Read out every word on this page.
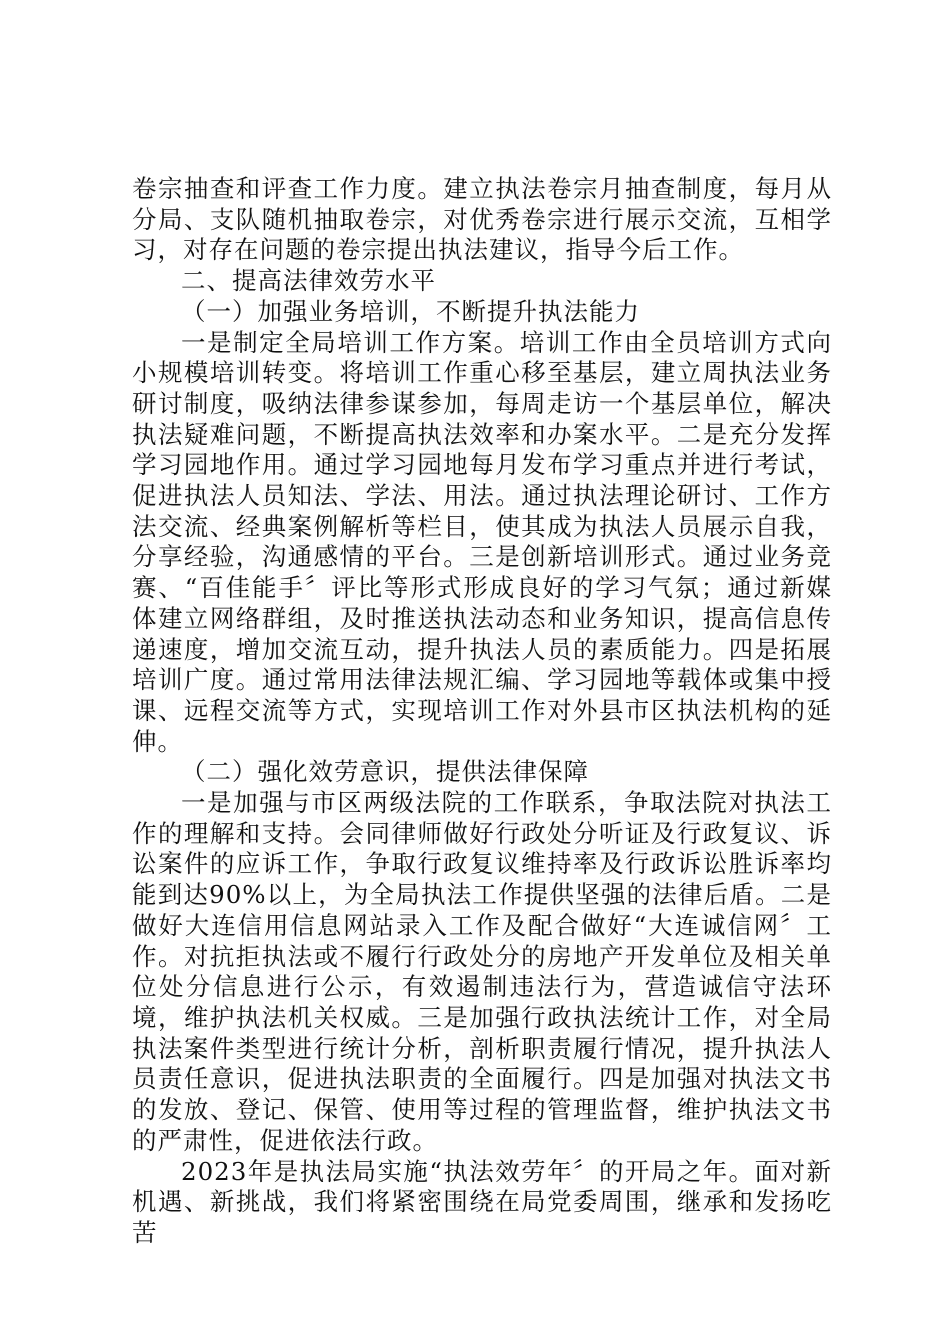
卷宗抽查和评查工作力度。建立执法卷宗月抽查制度，每月从分局、支队随机抽取卷宗，对优秀卷宗进行展示交流，互相学习，对存在问题的卷宗提出执法建议，指导今后工作。

二、提高法律效劳水平

（一）加强业务培训，不断提升执法能力

一是制定全局培训工作方案。培训工作由全员培训方式向小规模培训转变。将培训工作重心移至基层，建立周执法业务研讨制度，吸纳法律参谋参加，每周走访一个基层单位，解决执法疑难问题，不断提高执法效率和办案水平。二是充分发挥学习园地作用。通过学习园地每月发布学习重点并进行考试，促进执法人员知法、学法、用法。通过执法理论研讨、工作方法交流、经典案例解析等栏目，使其成为执法人员展示自我，分享经验，沟通感情的平台。三是创新培训形式。通过业务竞赛、“百佳能手〞评比等形式形成良好的学习气氛；通过新媒体建立网络群组，及时推送执法动态和业务知识，提高信息传递速度，增加交流互动，提升执法人员的素质能力。四是拓展培训广度。通过常用法律法规汇编、学习园地等载体或集中授课、远程交流等方式，实现培训工作对外县市区执法机构的延伸。

（二）强化效劳意识，提供法律保障

一是加强与市区两级法院的工作联系，争取法院对执法工作的理解和支持。会同律师做好行政处分听证及行政复议、诉讼案件的应诉工作，争取行政复议维持率及行政诉讼胜诉率均能到达90%以上，为全局执法工作提供坚强的法律后盾。二是做好大连信用信息网站录入工作及配合做好“大连诚信网〞工作。对抗拒执法或不履行行政处分的房地产开发单位及相关单位处分信息进行公示，有效遏制违法行为，营造诚信守法环境，维护执法机关权威。三是加强行政执法统计工作，对全局执法案件类型进行统计分析，剖析职责履行情况，提升执法人员责任意识，促进执法职责的全面履行。四是加强对执法文书的发放、登记、保管、使用等过程的管理监督，维护执法文书的严肃性，促进依法行政。

2023年是执法局实施“执法效劳年〞的开局之年。面对新机遇、新挑战，我们将紧密围绕在局党委周围，继承和发扬吃苦
